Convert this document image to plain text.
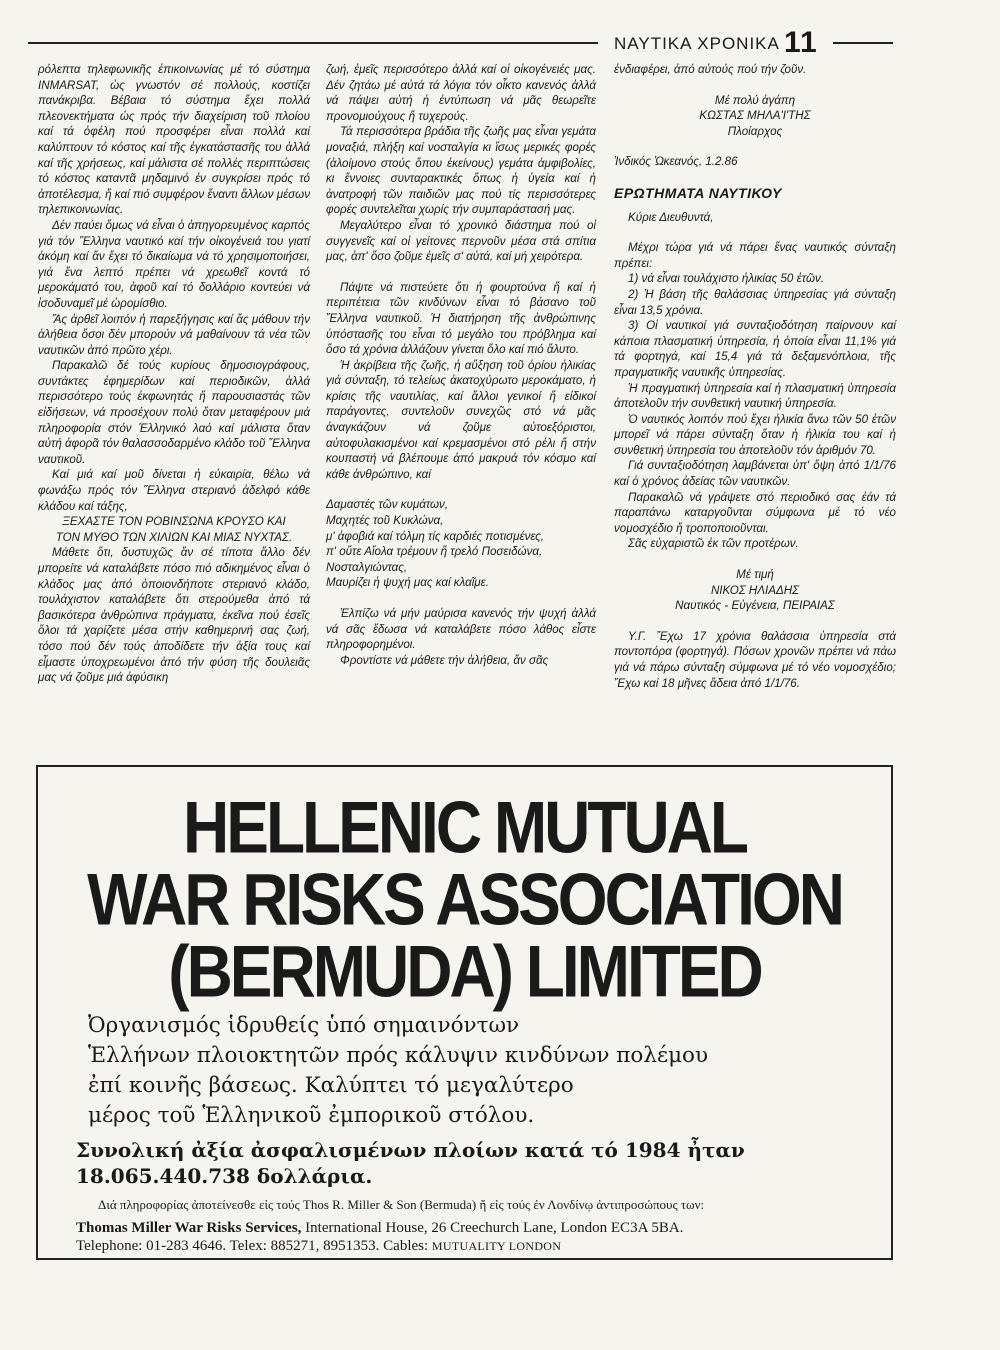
ΝΑΥΤΙΚΑ ΧΡΟΝΙΚΑ 11

ρόλεπτα τηλεφωνικῆς ἐπικοινωνίας μέ τό σύστημα INMARSAT, ὡς γνωστόν σέ πολλούς, κοστίζει πανάκριβα. Βέβαια τό σύστημα ἔχει πολλά πλεονεκτήματα ὡς πρός τήν διαχείριση τοῦ πλοίου καί τά ὀφέλη πού προσφέρει εἶναι πολλά καί καλύπτουν τό κόστος καί τῆς ἐγκατάστασῆς του ἀλλά καί τῆς χρήσεως, καί μάλιστα σέ πολλές περιπτώσεις τό κόστος καταντᾶ μηδαμινό ἐν συγκρίσει πρός τό ἀποτέλεσμα, ἤ καί πιό συμφέρον ἔναντι ἄλλων μέσων τηλεπικοινωνίας.

Δέν παύει ὅμως νά εἶναι ὁ ἀπηγορευμένος καρπός γιά τόν Ἕλληνα ναυτικό καί τήν οἰκογένειά του γιατί ἀκόμη καί ἄν ἔχει τό δικαίωμα νά τό χρησιμοποιήσει, γιά ἕνα λεπτό πρέπει νά χρεωθεῖ κοντά τό μεροκάματό του, ἀφοῦ καί τό δολλάριο κοντεύει νά ἰσοδυναμεῖ μέ ὡρομίσθιο.

Ἄς ἀρθεῖ λοιπόν ἡ παρεξήγησις καί ἄς μάθουν τήν ἀλήθεια ὅσοι δέν μπορούν νά μαθαίνουν τά νέα τῶν ναυτικῶν ἀπό πρῶτο χέρι.

Παρακαλῶ δέ τούς κυρίους δημοσιογράφους, συντάκτες ἐφημερίδων καί περιοδικῶν, ἀλλά περισσότερο τούς ἐκφωνητάς ἤ παρουσιαστάς τῶν εἰδήσεων, νά προσέχουν πολύ ὅταν μεταφέρουν μιά πληροφορία στόν Ἑλληνικό λαό καί μάλιστα ὅταν αὐτή ἀφορᾶ τόν θαλασσοδαρμένο κλάδο τοῦ Ἕλληνα ναυτικοῦ.

Καί μιά καί μοῦ δίνεται ἡ εὐκαιρία, θέλω νά φωνάξω πρός τόν Ἕλληνα στεριανό ἀδελφό κάθε κλάδου καί τάξης,

ΞΕΧΑΣΤΕ ΤΟΝ ΡΟΒΙΝΣΩΝΑ ΚΡΟΥΣΟ ΚΑΙ

ΤΟΝ ΜΥΘΟ ΤΩΝ ΧΙΛΙΩΝ ΚΑΙ ΜΙΑΣ ΝΥΧΤΑΣ.

Μάθετε ὅτι, δυστυχῶς ἄν σέ τίποτα ἄλλο δέν μπορείτε νά καταλάβετε πόσο πιό αδικημένος εἶναι ὁ κλάδος μας ἀπό ὁποιονδήποτε στεριανό κλάδο, τουλάχιστον καταλάβετε ὅτι στερούμεθα ἀπό τά βασικότερα ἀνθρώπινα πράγματα, ἐκεῖνα πού ἐσεῖς ὅλοι τά χαρίζετε μέσα στήν καθημερινή σας ζωή, τόσο πού δέν τούς ἀποδίδετε τήν ἀξία τους καί εἶμαστε ὑποχρεωμένοι ἀπό τήν φύση τῆς δουλειᾶς μας νά ζοῦμε μιά ἀφύσικη

ζωή, ἐμεῖς περισσότερο ἀλλά καί οἱ οἰκογένειές μας. Δέν ζητάω μέ αὐτά τά λόγια τόν οἶκτο κανενός ἀλλά νά πάψει αὐτή ἡ ἐντύπωση νά μᾶς θεωρεῖτε προνομιούχους ἤ τυχερούς.

Τά περισσότερα βράδια τῆς ζωῆς μας εἶναι γεμάτα μοναξιά, πλήξη καί νοσταλγία κι ἴσως μερικές φορές (ἀλοίμονο στούς ὅπου ἐκείνους) γεμάτα ἀμφιβολίες, κι ἔννοιες συνταρακτικές ὅπως ἡ ὑγεία καί ἡ ἀνατροφή τῶν παιδιῶν μας πού τίς περισσότερες φορές συντελεῖται χωρίς τήν συμπαράστασή μας.

Μεγαλύτερο εἶναι τό χρονικό διάστημα πού οἱ συγγενεῖς καί οἱ γείτονες περνοῦν μέσα στά σπίτια μας, ἀπ' ὅσο ζοῦμε ἐμεῖς σ' αὐτά, καί μή χειρότερα.

Πάψτε νά πιστεύετε ὅτι ἡ φουρτούνα ἤ καί ἡ περιπέτεια τῶν κινδύνων εἶναι τό βάσανο τοῦ Ἕλληνα ναυτικοῦ. Ἡ διατήρηση τῆς ἀνθρώπινης ὑπόστασῆς του εἶναι τό μεγάλο του πρόβλημα καί ὅσο τά χρόνια ἀλλάζουν γίνεται ὅλο καί πιό ἄλυτο.

Ἡ ἀκρίβεια τῆς ζωῆς, ἡ αὔξηση τοῦ ὁρίου ἡλικίας γιά σύνταξη, τό τελείως ἀκατοχύρωτο μεροκάματο, ἡ κρίσις τῆς ναυτιλίας, καί ἄλλοι γενικοί ἤ εἰδικοί παράγοντες, συντελοῦν συνεχῶς στό νά μᾶς ἀναγκάζουν νά ζοῦμε αὐτοεξόριστοι, αὐτοφυλακισμένοι καί κρεμασμένοι στό ρέλι ἤ στήν κουπαστή νά βλέπουμε ἀπό μακρυά τόν κόσμο καί κάθε ἀνθρώπινο, καί

Δαμαστές τῶν κυμάτων,

Μαχητές τοῦ Κυκλώνα,

μ' ἀφοβιά καί τόλμη τίς καρδιές ποτισμένες,

π' οὔτε Αἴολα τρέμουν ἤ τρελό Ποσειδώνα,

Νοσταλγιώντας,

Μαυρίζει ἡ ψυχή μας καί κλαῖμε.

Ἐλπίζω νά μήν μαύρισα κανενός τήν ψυχή ἀλλά νά σᾶς ἔδωσα νά καταλάβετε πόσο λάθος εἶστε πληροφορημένοι.

Φροντίστε νά μάθετε τήν ἀλήθεια, ἄν σᾶς

ἐνδιαφέρει, ἀπό αὐτούς πού τήν ζοῦν.

Μέ πολύ ἀγάπη

ΚΩΣΤΑΣ ΜΗΛΑ'Ι'ΤΗΣ

Πλοίαρχος

Ἰνδικός Ὠκεανός, 1.2.86

ΕΡΩΤΗΜΑΤΑ ΝΑΥΤΙΚΟΥ

Κύριε Διευθυντά,

Μέχρι τώρα γιά νά πάρει ἕνας ναυτικός σύνταξη πρέπει:

1) νά εἶναι τουλάχιστο ἡλικίας 50 ἐτῶν.

2) Ἡ βάση τῆς θαλάσσιας ὑπηρεσίας γιά σύνταξη εἶναι 13,5 χρόνια.

3) Οἱ ναυτικοί γιά συνταξιοδότηση παίρνουν καί κάποια πλασματική ὑπηρεσία, ἡ ὁποία εἶναι 11,1% γιά τά φορτηγά, καί 15,4 γιά τά δεξαμενόπλοια, τῆς πραγματικῆς ναυτικῆς ὑπηρεσίας.

Ἡ πραγματική ὑπηρεσία καί ἡ πλασματική ὑπηρεσία ἀποτελοῦν τήν συνθετική ναυτική ὑπηρεσία.

Ὁ ναυτικός λοιπόν πού ἔχει ἡλικία ἄνω τῶν 50 ἐτῶν μπορεῖ νά πάρει σύνταξη ὅταν ἡ ἡλικία του καί ἡ συνθετική ὑπηρεσία του ἀποτελοῦν τόν ἀριθμόν 70.

Γιά συνταξιοδότηση λαμβάνεται ὑπ' ὄψη ἀπό 1/1/76 καί ὁ χρόνος ἀδείας τῶν ναυτικῶν.

Παρακαλῶ νά γράψετε στό περιοδικό σας ἐάν τά παραπάνω καταργοῦνται σύμφωνα μέ τό νέο νομοσχέδιο ἤ τροποποιοῦνται.

Σᾶς εὐχαριστῶ ἐκ τῶν προτέρων.

Μέ τιμή

ΝΙΚΟΣ ΗΛΙΑΔΗΣ

Ναυτικός - Εὐγένεια, ΠΕΙΡΑΙΑΣ

Υ.Γ. Ἔχω 17 χρόνια θαλάσσια ὑπηρεσία στά ποντοπόρα (φορτηγά). Πόσων χρονῶν πρέπει νά πάω γιά νά πάρω σύνταξη σύμφωνα μέ τό νέο νομοσχέδιο; Ἔχω καί 18 μῆνες ἄδεια ἀπό 1/1/76.

HELLENIC MUTUAL
WAR RISKS ASSOCIATION
(BERMUDA) LIMITED
Ὀργανισμός ἱδρυθείς ὑπό σημαινόντων
Ἑλλήνων πλοιοκτητῶν πρός κάλυψιν κινδύνων πολέμου
ἐπί κοινῆς βάσεως. Καλύπτει τό μεγαλύτερο
μέρος τοῦ Ἑλληνικοῦ ἐμπορικοῦ στόλου.
Συνολική ἀξία ἀσφαλισμένων πλοίων κατά τό 1984 ἦταν
18.065.440.738 δολλάρια.
Διά πληροφορίας ἀποτείνεσθε εἰς τούς Thos R. Miller & Son (Bermuda) ἤ εἰς τούς ἐν Λονδίνῳ ἀντιπροσώπους των:
Thomas Miller War Risks Services, International House, 26 Creechurch Lane, London EC3A 5BA.
Telephone: 01-283 4646. Telex: 885271, 8951353. Cables: MUTUALITY LONDON
